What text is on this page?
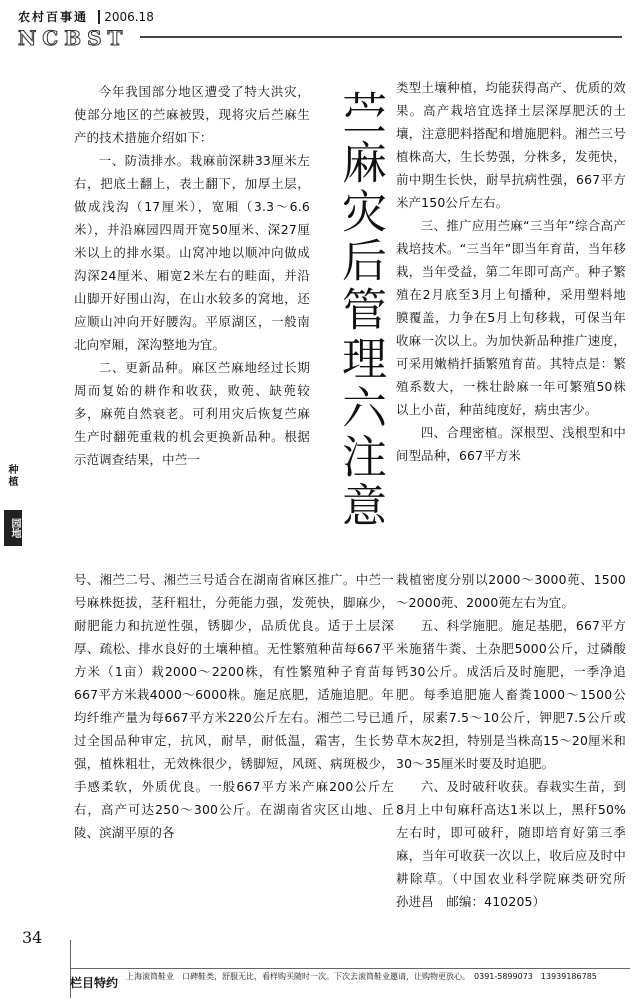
农村百事通 2006.18
NCBST
种植
园地	苎麻灾后管理六注意

今年我国部分地区遭受了特大洪灾，使部分地区的苎麻被毁，现将灾后苎麻生产的技术措施介绍如下：

一、防渍排水。栽麻前深耕33厘米左右，把底土翻上，表土翻下，加厚土层，做成浅沟（17厘米），宽厢（3.3～6.6米），并沿麻园四周开宽50厘米、深27厘米以上的排水渠。山窝冲地以顺冲向做成沟深24厘米、厢宽2米左右的畦面，并沿山脚开好围山沟，在山水较多的窝地，还应顺山冲向开好腰沟。平原湖区，一般南北向窄厢，深沟整地为宜。

二、更新品种。麻区苎麻地经过长期周而复始的耕作和收获，败蔸、缺蔸较多，麻蔸自然衰老。可利用灾后恢复苎麻生产时翻蔸重栽的机会更换新品种。根据示范调查结果，中苎一

类型土壤种植，均能获得高产、优质的效果。高产栽培宜选择土层深厚肥沃的土壤，注意肥料搭配和增施肥料。湘苎三号植株高大，生长势强，分株多，发蔸快，前中期生长快，耐旱抗病性强，667平方米产150公斤左右。

三、推广应用苎麻“三当年”综合高产栽培技术。“三当年”即当年育苗，当年移栽，当年受益，第二年即可高产。种子繁殖在2月底至3月上旬播种，采用塑料地膜覆盖，力争在5月上旬移栽，可保当年收麻一次以上。为加快新品种推广速度，可采用嫩梢扦插繁殖育苗。其特点是：繁殖系数大，一株壮龄麻一年可繁殖50株以上小苗，种苗纯度好，病虫害少。

四、合理密植。深根型、浅根型和中间型品种，667平方米

号、湘苎二号、湘苎三号适合在湖南省麻区推广。中苎一号麻株挺拔，茎秆粗壮，分蔸能力强，发蔸快，脚麻少，耐肥能力和抗逆性强，锈脚少，品质优良。适于土层深厚、疏松、排水良好的土壤种植。无性繁殖种苗每667平方米（1亩）栽2000～2200株，有性繁殖种子育苗每667平方米栽4000～6000株。施足底肥，适施追肥。年均纤维产量为每667平方米220公斤左右。湘苎二号已通过全国品种审定，抗风，耐旱，耐低温，霜害，生长势强，植株粗壮，无效株很少，锈脚短，风斑、病斑极少，手感柔软，外质优良。一般667平方米产麻200公斤左右，高产可达250～300公斤。在湖南省灾区山地、丘陵、滨湖平原的各

栽植密度分别以2000～3000蔸、1500～2000蔸、2000蔸左右为宜。

五、科学施肥。施足基肥，667平方米施猪牛粪、土杂肥5000公斤，过磷酸钙30公斤。成活后及时施肥，一季净追肥。每季追肥施人畜粪1000～1500公斤，尿素7.5～10公斤，钾肥7.5公斤或草木灰2担，特别是当株高15～20厘米和30～35厘米时要及时追肥。

六、及时破秆收获。春栽实生苗，到8月上中旬麻秆高达1米以上，黑秆50%左右时，即可破秆，随即培育好第三季麻，当年可收获一次以上，收后应及时中耕除草。（中国农业科学院麻类研究所　孙进昌　邮编：410205）

34
栏目特约 上海滚筒鞋业　口碑鞋类，舒服无比，看样购买随时一次。下次去滚筒鞋业邀请，让购物更放心。　0391-5899073　13939186785
